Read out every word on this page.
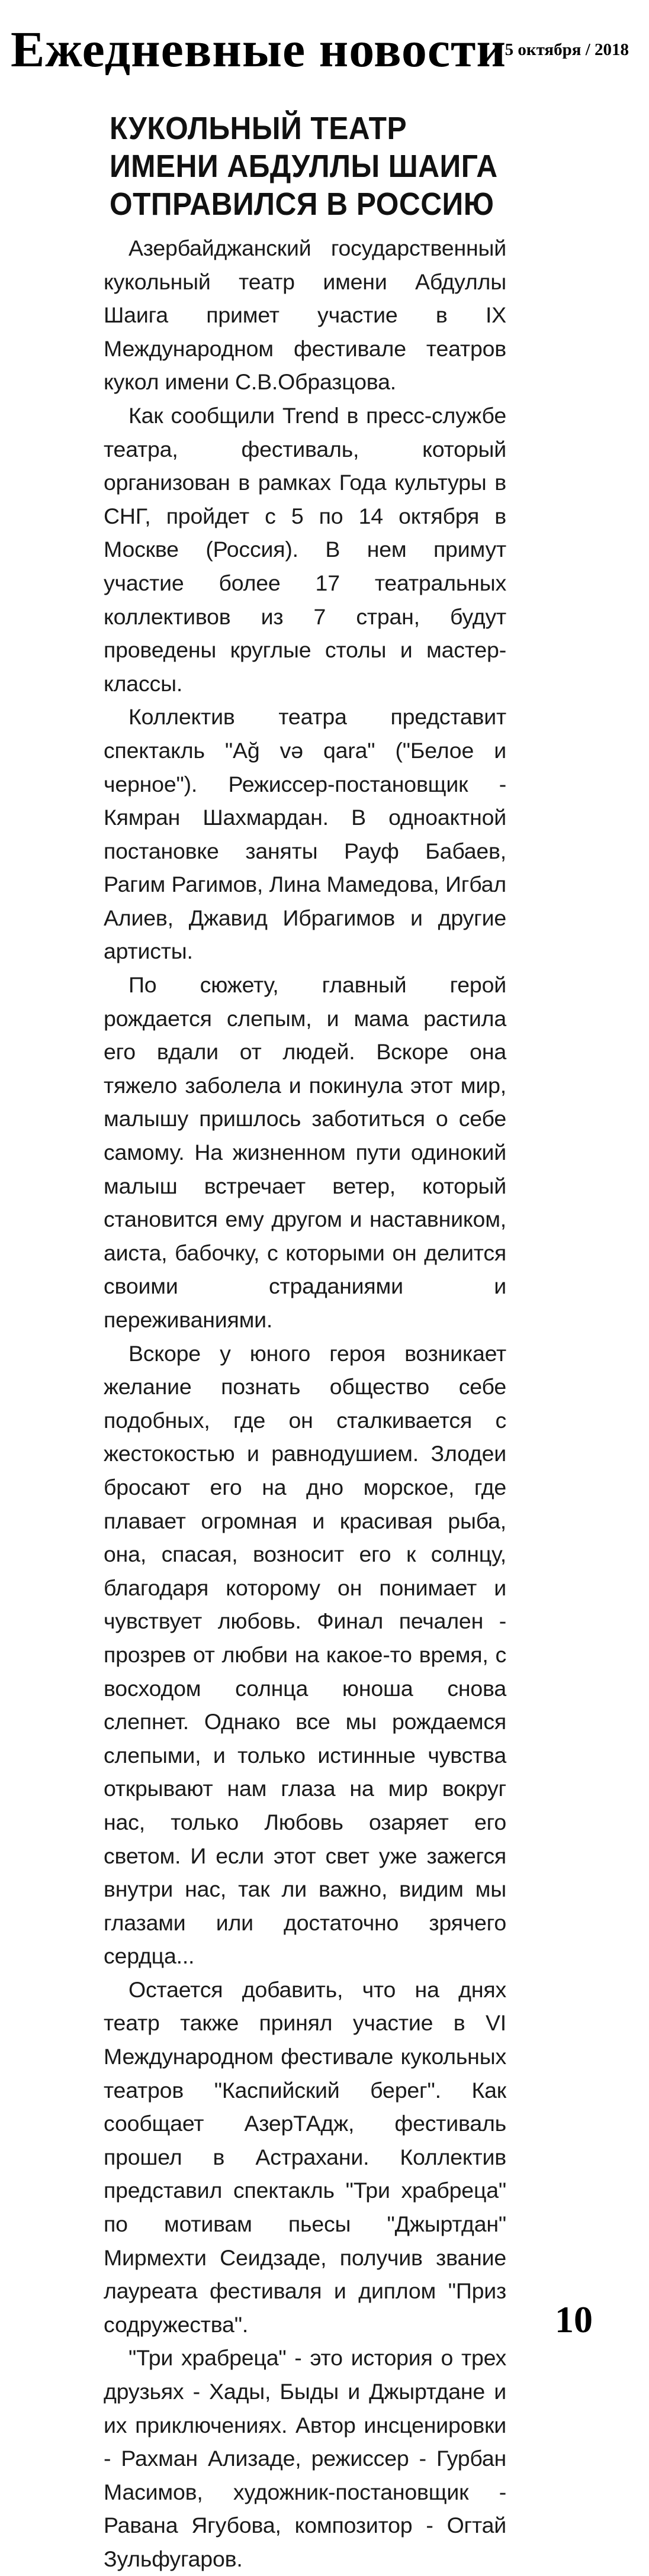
Ежедневные новости
5 октября / 2018
КУКОЛЬНЫЙ ТЕАТР ИМЕНИ АБДУЛЛЫ ШАИГА ОТПРАВИЛСЯ В РОССИЮ

Азербайджанский государственный кукольный театр имени Абдуллы Шаига примет участие в IX Международном фестивале театров кукол имени С.В.Образцова.

Как сообщили Trend в пресс-службе театра, фестиваль, который организован в рамках Года культуры в СНГ, пройдет с 5 по 14 октября в Москве (Россия). В нем примут участие более 17 театральных коллективов из 7 стран, будут проведены круглые столы и мастер-классы.

Коллектив театра представит спектакль "Ağ və qara" ("Белое и черное"). Режиссер-постановщик - Кямран Шахмардан. В одноактной постановке заняты Рауф Бабаев, Рагим Рагимов, Лина Мамедова, Игбал Алиев, Джавид Ибрагимов и другие артисты.

По сюжету, главный герой рождается слепым, и мама растила его вдали от людей. Вскоре она тяжело заболела и покинула этот мир, малышу пришлось заботиться о себе самому. На жизненном пути одинокий малыш встречает ветер, который становится ему другом и наставником, аиста, бабочку, с которыми он делится своими страданиями и переживаниями.

Вскоре у юного героя возникает желание познать общество себе подобных, где он сталкивается с жестокостью и равнодушием. Злодеи бросают его на дно морское, где плавает огромная и красивая рыба, она, спасая, возносит его к солнцу, благодаря которому он понимает и чувствует любовь. Финал печален - прозрев от любви на какое-то время, с восходом солнца юноша снова слепнет. Однако все мы рождаемся слепыми, и только истинные чувства открывают нам глаза на мир вокруг нас, только Любовь озаряет его светом. И если этот свет уже зажегся внутри нас, так ли важно, видим мы глазами или достаточно зрячего сердца...

Остается добавить, что на днях театр также принял участие в VI Международном фестивале кукольных театров "Каспийский берег". Как сообщает АзерТАдж, фестиваль прошел в Астрахани. Коллектив представил спектакль "Три храбреца" по мотивам пьесы "Джыртдан" Мирмехти Сеидзаде, получив звание лауреата фестиваля и диплом "Приз содружества".

"Три храбреца" - это история о трех друзьях - Хады, Быды и Джыртдане и их приключениях. Автор инсценировки - Рахман Ализаде, режиссер - Гурбан Масимов, художник-постановщик - Равана Ягубова, композитор - Огтай Зульфугаров.

10
